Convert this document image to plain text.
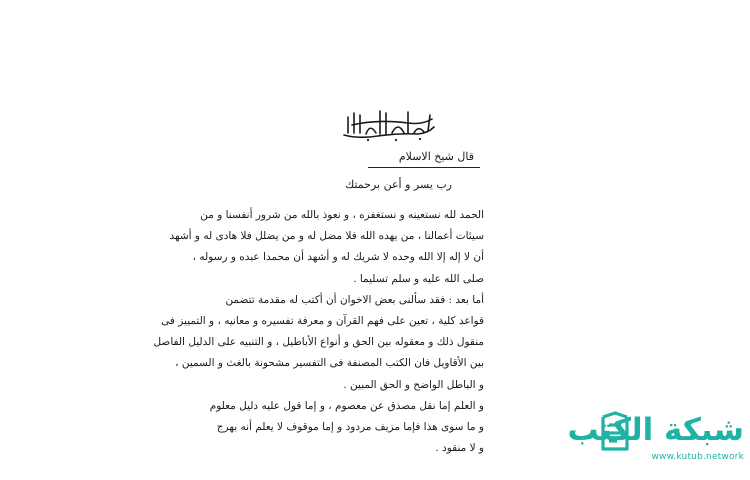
قال شيخ الاسلام
رب يسر و أعن برحمتك
الحمد لله نستعينه و نستغفره ، و نعوذ بالله من شرور أنفسنا و من
سيئات أعمالنا ، من يهده الله فلا مضل له و من يضلل فلا هادى له و أشهد
أن لا إله إلا الله وحده لا شريك له و أشهد أن محمدا عبده و رسوله ،
صلى الله عليه و سلم تسليما .
أما بعد : فقد سألنى بعض الاخوان أن أكتب له مقدمة تتضمن
قواعد كلية ، تعين على فهم القرآن و معرفة تفسيره و معانيه ، و التمييز فى
منقول ذلك و معقوله بين الحق و أنواع الأباطيل ، و التنبيه على الدليل الفاصل
بين الأقاويل فان الكتب المصنفة فى التفسير مشحونة بالغث و السمين ،
و الباطل الواضح و الحق المبين .
و العلم إما نقل مصدق عن معصوم ، و إما قول عليه دليل معلوم
و ما سوى هذا فإما مزيف مردود و إما موقوف لا يعلم أنه بهرج
و لا منقود .
شبكة الكتب
www.kutub.network
